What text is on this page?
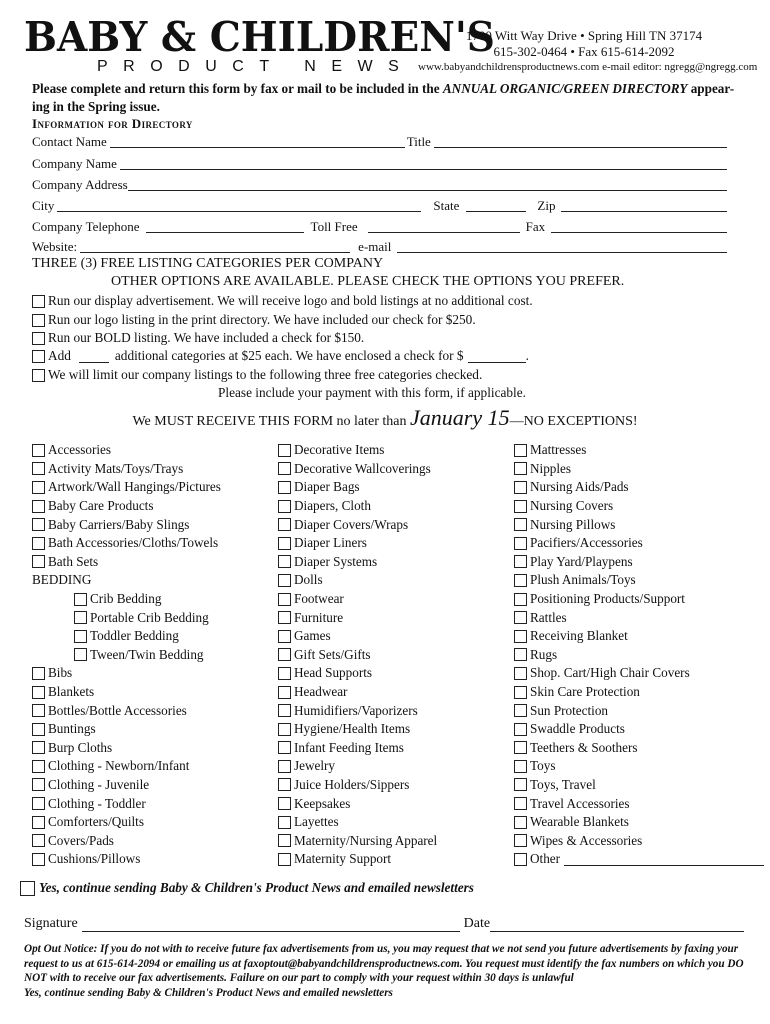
BABY & CHILDREN'S
PRODUCT NEWS
1700 Witt Way Drive • Spring Hill TN 37174
615-302-0464 • Fax 615-614-2092
www.babyandchildrensproductnews.com e-mail editor: ngregg@ngregg.com
Please complete and return this form by fax or mail to be included in the ANNUAL ORGANIC/GREEN DIRECTORY appear-ing in the Spring issue.
Information for Directory
Contact Name	Title
Company Name
Company Address
City	State	Zip
Company Telephone	Toll Free	Fax
Website:	e-mail
THREE (3) FREE LISTING CATEGORIES PER COMPANY
OTHER OPTIONS ARE AVAILABLE. PLEASE CHECK THE OPTIONS YOU PREFER.
Run our display advertisement. We will receive logo and bold listings at no additional cost.
Run our logo listing in the print directory. We have included our check for $250.
Run our BOLD listing. We have included a check for $150.
Add	additional categories at $25 each. We have enclosed a check for $	.
We will limit our company listings to the following three free categories checked.
Please include your payment with this form, if applicable.
We MUST RECEIVE THIS FORM no later than January 15—NO EXCEPTIONS!
Accessories
Activity Mats/Toys/Trays
Artwork/Wall Hangings/Pictures
Baby Care Products
Baby Carriers/Baby Slings
Bath Accessories/Cloths/Towels
Bath Sets
BEDDING
Crib Bedding
Portable Crib Bedding
Toddler Bedding
Tween/Twin Bedding
Bibs
Blankets
Bottles/Bottle Accessories
Buntings
Burp Cloths
Clothing - Newborn/Infant
Clothing - Juvenile
Clothing - Toddler
Comforters/Quilts
Covers/Pads
Cushions/Pillows
Decorative Items
Decorative Wallcoverings
Diaper Bags
Diapers, Cloth
Diaper Covers/Wraps
Diaper Liners
Diaper Systems
Dolls
Footwear
Furniture
Games
Gift Sets/Gifts
Head Supports
Headwear
Humidifiers/Vaporizers
Hygiene/Health Items
Infant Feeding Items
Jewelry
Juice Holders/Sippers
Keepsakes
Layettes
Maternity/Nursing Apparel
Maternity Support
Mattresses
Nipples
Nursing Aids/Pads
Nursing Covers
Nursing Pillows
Pacifiers/Accessories
Play Yard/Playpens
Plush Animals/Toys
Positioning Products/Support
Rattles
Receiving Blanket
Rugs
Shop. Cart/High Chair Covers
Skin Care Protection
Sun Protection
Swaddle Products
Teethers & Soothers
Toys
Toys, Travel
Travel Accessories
Wearable Blankets
Wipes & Accessories
Other
Yes, continue sending Baby & Children's Product News and emailed newsletters
Signature	Date
Opt Out Notice: If you do not with to receive future fax advertisements from us, you may request that we not send you future advertisements by faxing your request to us at 615-614-2094 or emailing us at faxoptout@babyandchildrensproductnews.com. You request must identify the fax numbers on which you DO NOT with to receive our fax advertisements. Failure on our part to comply with your request within 30 days is unlawful
Yes, continue sending Baby & Children's Product News and emailed newsletters
